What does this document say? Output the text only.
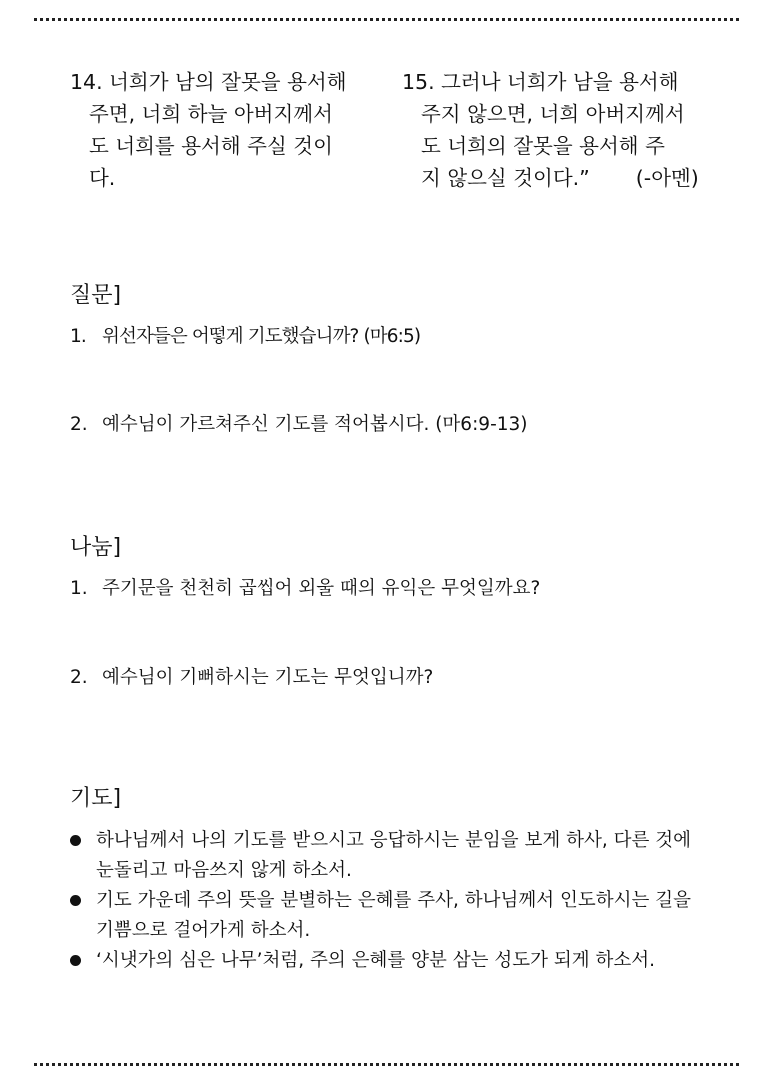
14. 너희가 남의 잘못을 용서해
주면, 너희 하늘 아버지께서
도 너희를 용서해 주실 것이
다.
15. 그러나 너희가 남을 용서해
주지 않으면, 너희 아버지께서
도 너희의 잘못을 용서해 주
지 않으실 것이다.” (-아멘)
질문]
1. 위선자들은 어떻게 기도했습니까? (마6:5)
2. 예수님이 가르쳐주신 기도를 적어봅시다. (마6:9-13)
나눔]
1. 주기문을 천천히 곱씹어 외울 때의 유익은 무엇일까요?
2. 예수님이 기뻐하시는 기도는 무엇입니까?
기도]
하나님께서 나의 기도를 받으시고 응답하시는 분임을 보게 하사, 다른 것에 눈돌리고 마음쓰지 않게 하소서.
기도 가운데 주의 뜻을 분별하는 은혜를 주사, 하나님께서 인도하시는 길을 기쁨으로 걸어가게 하소서.
‘시냇가의 심은 나무’처럼, 주의 은혜를 양분 삼는 성도가 되게 하소서.
